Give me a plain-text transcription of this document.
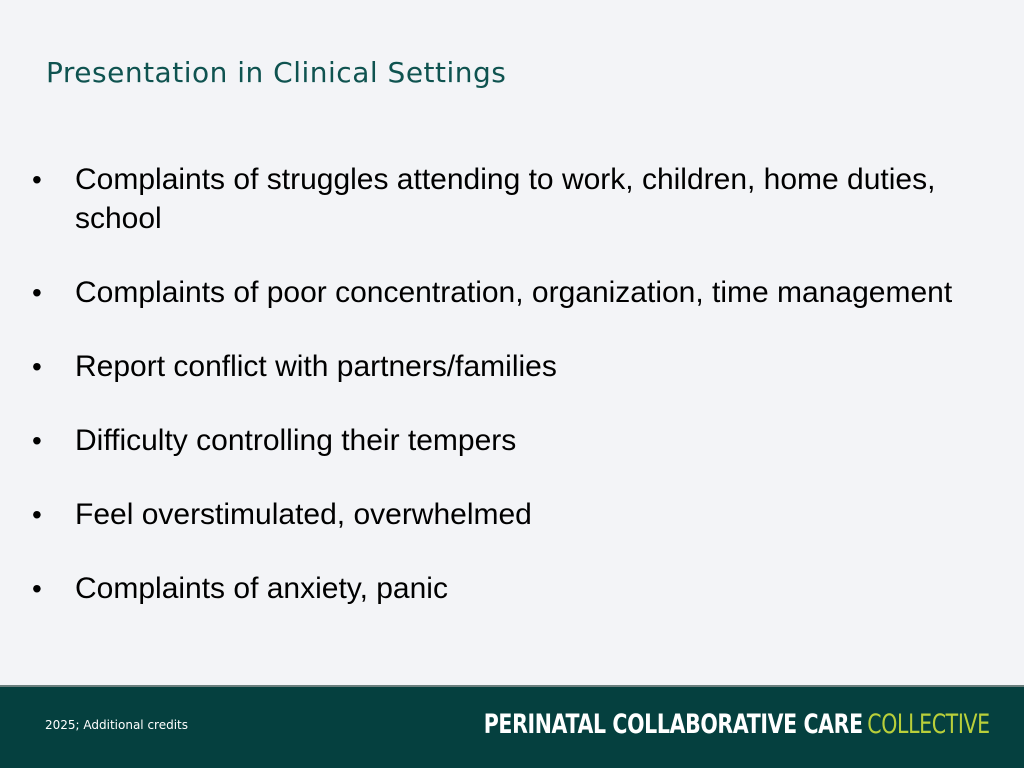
Presentation in Clinical Settings
• Complaints of struggles attending to work, children, home duties, school
• Complaints of poor concentration, organization, time management
• Report conflict with partners/families
• Difficulty controlling their tempers
• Feel overstimulated, overwhelmed
• Complaints of anxiety, panic
2025; Additional credits	PERINATAL COLLABORATIVE CARE COLLECTIVE
